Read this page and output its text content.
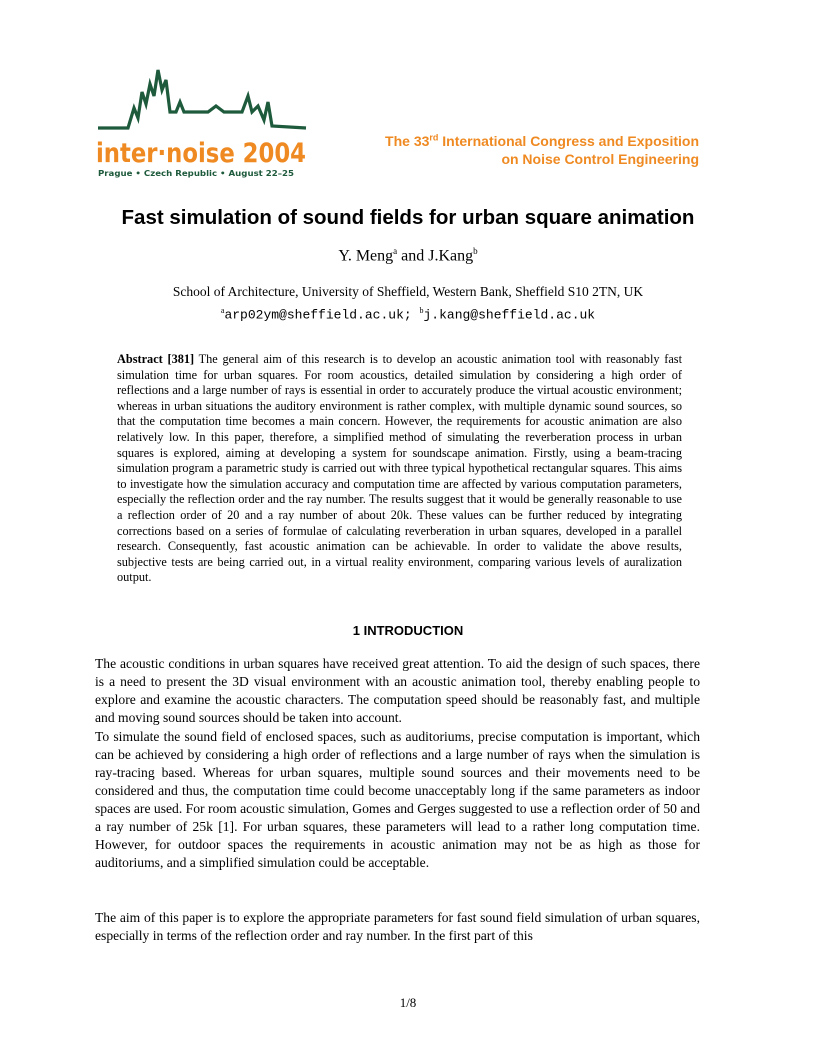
inter·noise 2004
Prague • Czech Republic • August 22–25
The 33rd International Congress and Exposition
on Noise Control Engineering
Fast simulation of sound fields for urban square animation
Y. Meng$^a$ and J.Kang$^b$
School of Architecture, University of Sheffield, Western Bank, Sheffield S10 2TN, UK
$^a$arp02ym@sheffield.ac.uk; $^b$j.kang@sheffield.ac.uk
Abstract [381] The general aim of this research is to develop an acoustic animation tool with reasonably fast simulation time for urban squares. For room acoustics, detailed simulation by considering a high order of reflections and a large number of rays is essential in order to accurately produce the virtual acoustic environment; whereas in urban situations the auditory environment is rather complex, with multiple dynamic sound sources, so that the computation time becomes a main concern. However, the requirements for acoustic animation are also relatively low. In this paper, therefore, a simplified method of simulating the reverberation process in urban squares is explored, aiming at developing a system for soundscape animation. Firstly, using a beam-tracing simulation program a parametric study is carried out with three typical hypothetical rectangular squares. This aims to investigate how the simulation accuracy and computation time are affected by various computation parameters, especially the reflection order and the ray number. The results suggest that it would be generally reasonable to use a reflection order of 20 and a ray number of about 20k. These values can be further reduced by integrating corrections based on a series of formulae of calculating reverberation in urban squares, developed in a parallel research. Consequently, fast acoustic animation can be achievable. In order to validate the above results, subjective tests are being carried out, in a virtual reality environment, comparing various levels of auralization output.
1 INTRODUCTION

The acoustic conditions in urban squares have received great attention. To aid the design of such spaces, there is a need to present the 3D visual environment with an acoustic animation tool, thereby enabling people to explore and examine the acoustic characters. The computation speed should be reasonably fast, and multiple and moving sound sources should be taken into account.

To simulate the sound field of enclosed spaces, such as auditoriums, precise computation is important, which can be achieved by considering a high order of reflections and a large number of rays when the simulation is ray-tracing based. Whereas for urban squares, multiple sound sources and their movements need to be considered and thus, the computation time could become unacceptably long if the same parameters as indoor spaces are used. For room acoustic simulation, Gomes and Gerges suggested to use a reflection order of 50 and a ray number of 25k [1]. For urban squares, these parameters will lead to a rather long computation time. However, for outdoor spaces the requirements in acoustic animation may not be as high as those for auditoriums, and a simplified simulation could be acceptable.

The aim of this paper is to explore the appropriate parameters for fast sound field simulation of urban squares, especially in terms of the reflection order and ray number. In the first part of this

1/8
